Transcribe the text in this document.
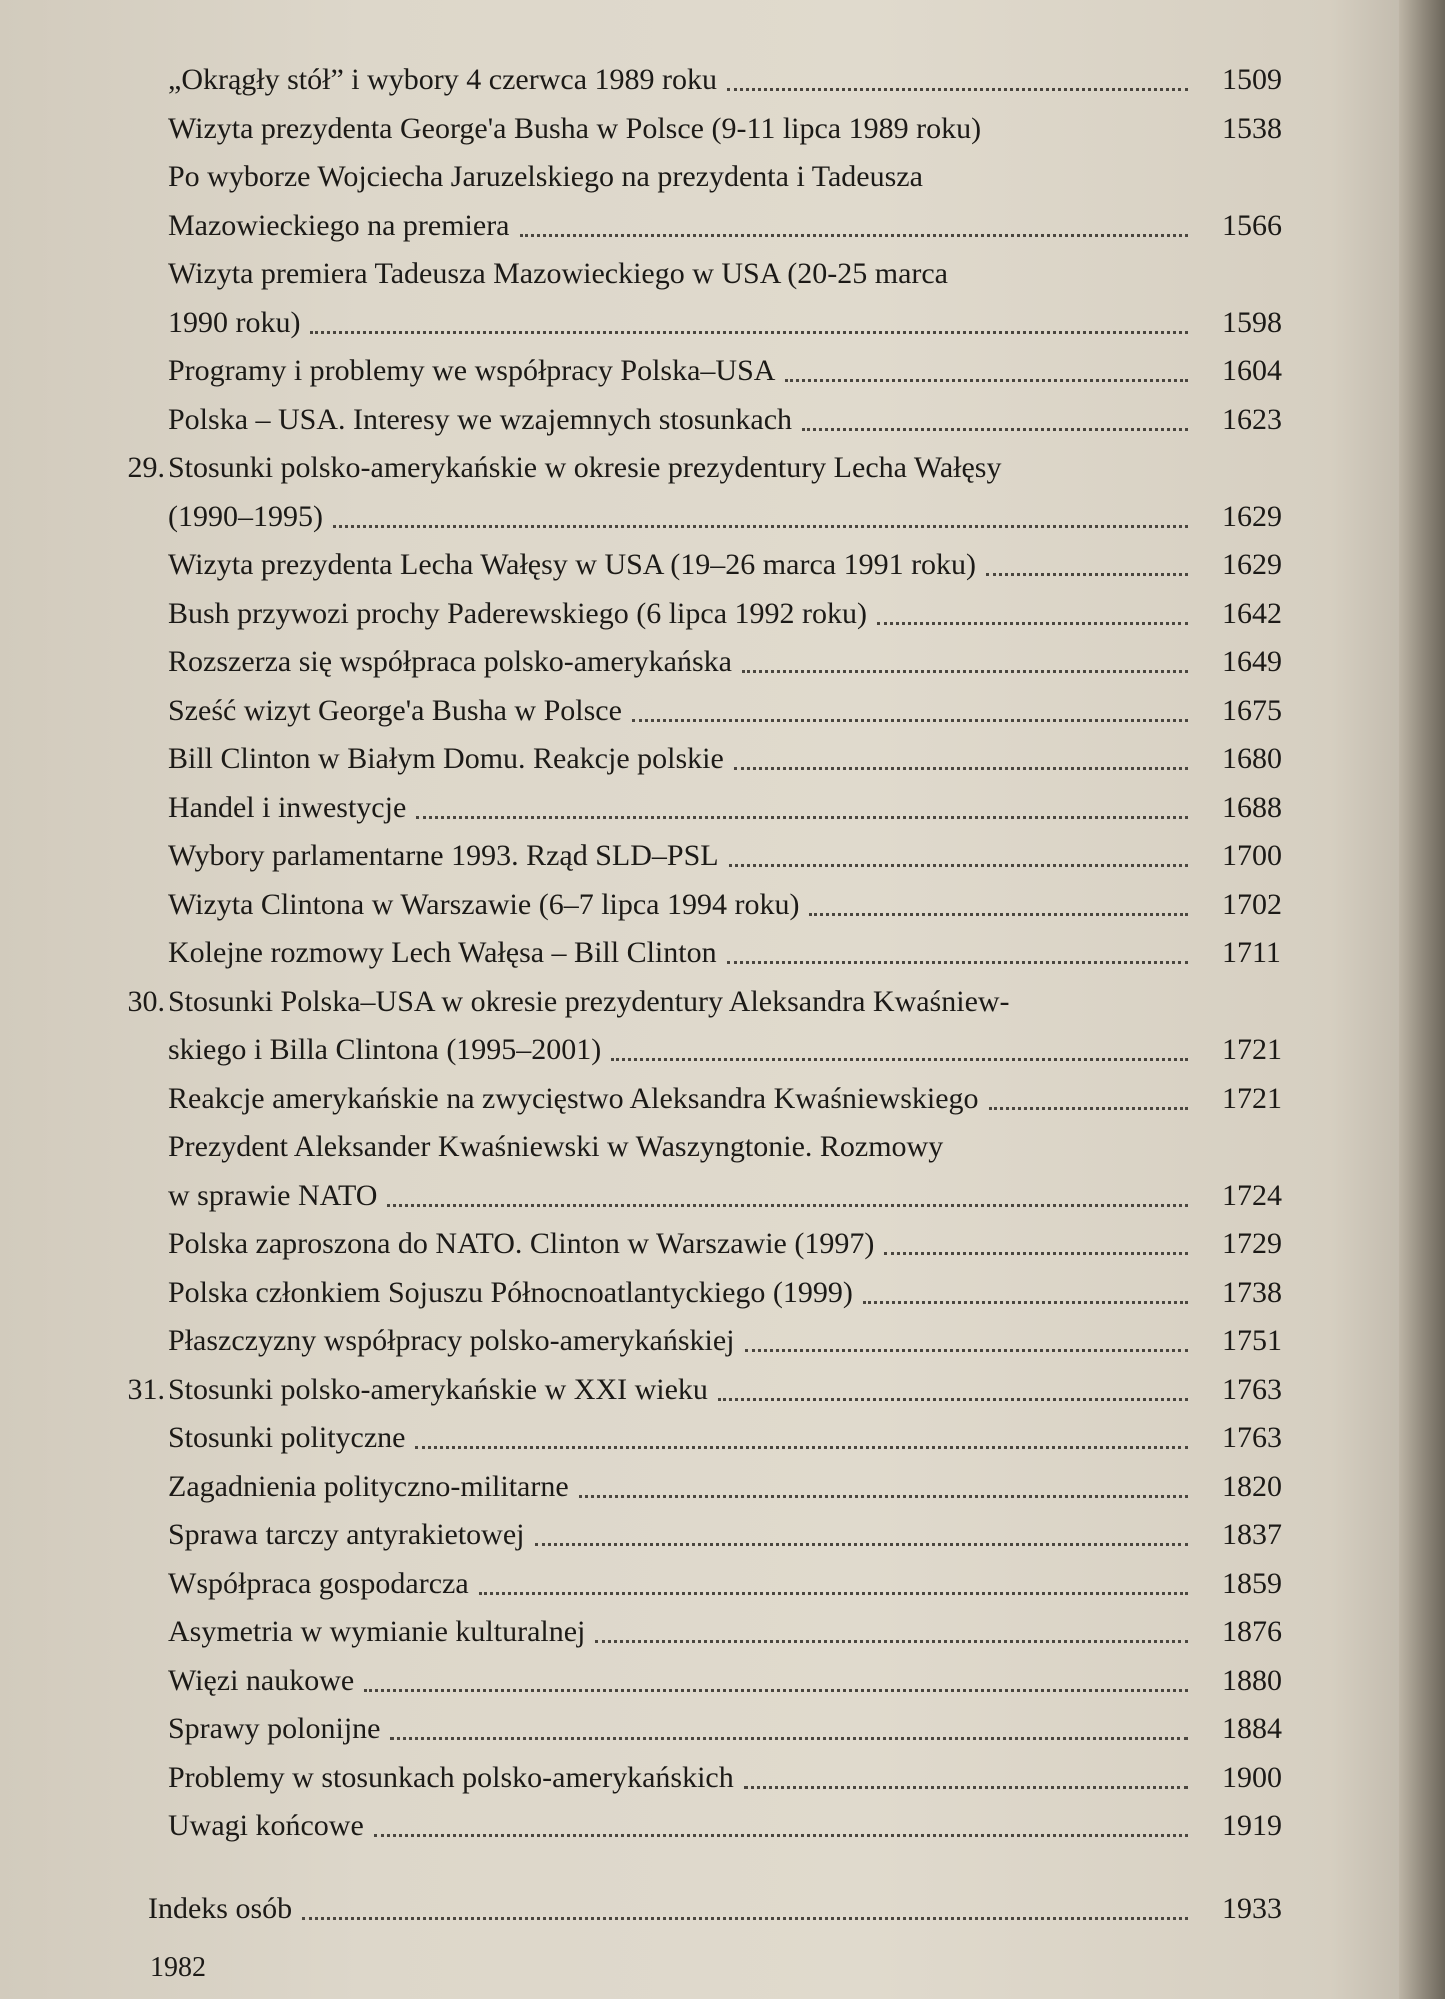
„Okrągły stół” i wybory 4 czerwca 1989 roku	1509
Wizyta prezydenta George'a Busha w Polsce (9-11 lipca 1989 roku)	1538
Po wyborze Wojciecha Jaruzelskiego na prezydenta i Tadeusza
Mazowieckiego na premiera	1566
Wizyta premiera Tadeusza Mazowieckiego w USA (20-25 marca
1990 roku)	1598
Programy i problemy we współpracy Polska–USA	1604
Polska – USA. Interesy we wzajemnych stosunkach	1623
29. Stosunki polsko-amerykańskie w okresie prezydentury Lecha Wałęsy
(1990–1995)	1629
Wizyta prezydenta Lecha Wałęsy w USA (19–26 marca 1991 roku)	1629
Bush przywozi prochy Paderewskiego (6 lipca 1992 roku)	1642
Rozszerza się współpraca polsko-amerykańska	1649
Sześć wizyt George'a Busha w Polsce	1675
Bill Clinton w Białym Domu. Reakcje polskie	1680
Handel i inwestycje	1688
Wybory parlamentarne 1993. Rząd SLD–PSL	1700
Wizyta Clintona w Warszawie (6–7 lipca 1994 roku)	1702
Kolejne rozmowy Lech Wałęsa – Bill Clinton	1711
30. Stosunki Polska–USA w okresie prezydentury Aleksandra Kwaśniew-
skiego i Billa Clintona (1995–2001)	1721
Reakcje amerykańskie na zwycięstwo Aleksandra Kwaśniewskiego	1721
Prezydent Aleksander Kwaśniewski w Waszyngtonie. Rozmowy
w sprawie NATO	1724
Polska zaproszona do NATO. Clinton w Warszawie (1997)	1729
Polska członkiem Sojuszu Północnoatlantyckiego (1999)	1738
Płaszczyzny współpracy polsko-amerykańskiej	1751
31. Stosunki polsko-amerykańskie w XXI wieku	1763
Stosunki polityczne	1763
Zagadnienia polityczno-militarne	1820
Sprawa tarczy antyrakietowej	1837
Współpraca gospodarcza	1859
Asymetria w wymianie kulturalnej	1876
Więzi naukowe	1880
Sprawy polonijne	1884
Problemy w stosunkach polsko-amerykańskich	1900
Uwagi końcowe	1919
Indeks osób	1933
1982
